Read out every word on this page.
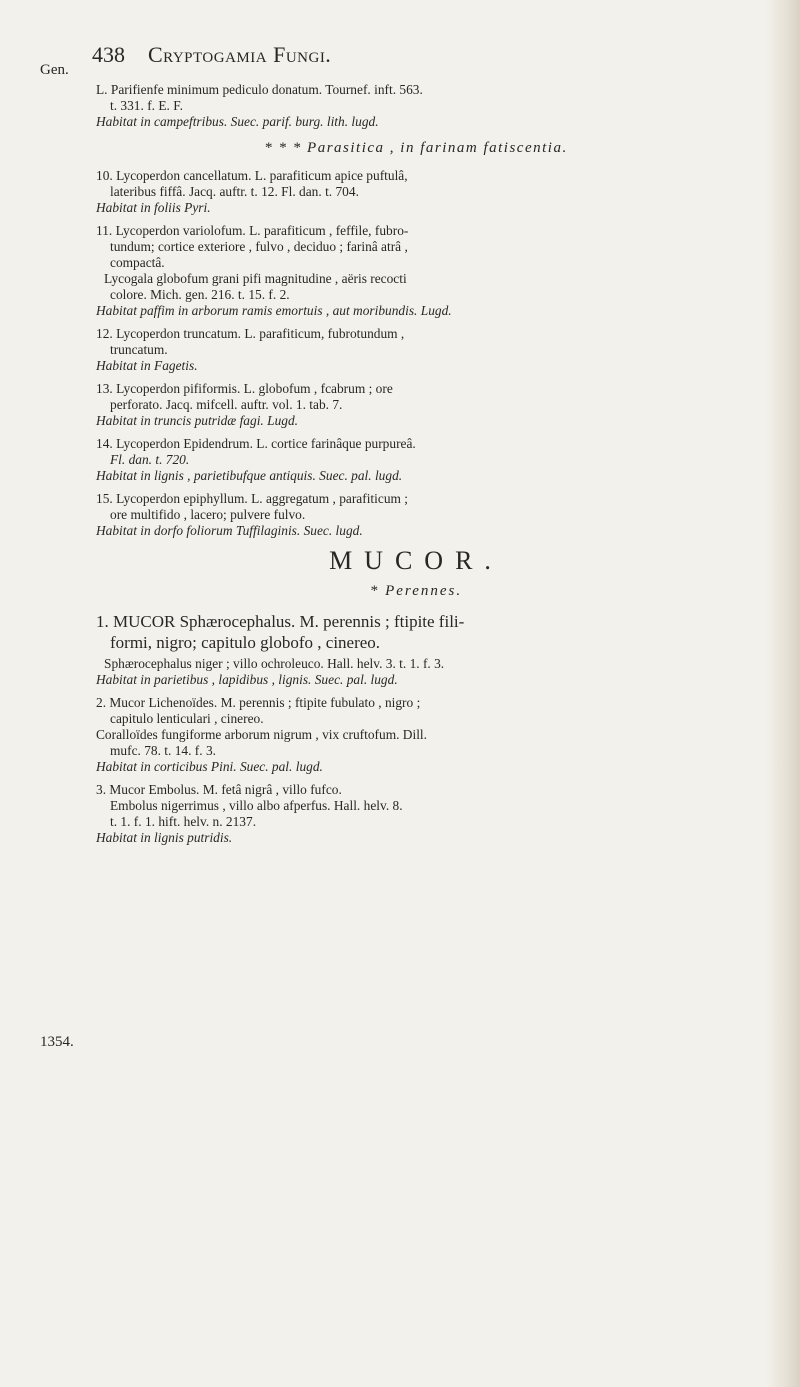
438 Cryptogamia Fungi.
Gen.
1354.

L. Parifienfe minimum pediculo donatum. Tournef. inft. 563.

t. 331. f. E. F.

Habitat in campeftribus. Suec. parif. burg. lith. lugd.

* * * Parasitica , in farinam fatiscentia.

10. Lycoperdon cancellatum. L. parafiticum apice puftulâ,

lateribus fiffâ. Jacq. auftr. t. 12. Fl. dan. t. 704.

Habitat in foliis Pyri.

11. Lycoperdon variolofum. L. parafiticum , feffile, fubro-

tundum; cortice exteriore , fulvo , deciduo ; farinâ atrâ ,

compactâ.

Lycogala globofum grani pifi magnitudine , aëris recocti

colore. Mich. gen. 216. t. 15. f. 2.

Habitat paffim in arborum ramis emortuis , aut moribundis. Lugd.

12. Lycoperdon truncatum. L. parafiticum, fubrotundum ,

truncatum.

Habitat in Fagetis.

13. Lycoperdon pififormis. L. globofum , fcabrum ; ore

perforato. Jacq. mifcell. auftr. vol. 1. tab. 7.

Habitat in truncis putridæ fagi. Lugd.

14. Lycoperdon Epidendrum. L. cortice farinâque purpureâ.

Fl. dan. t. 720.

Habitat in lignis , parietibufque antiquis. Suec. pal. lugd.

15. Lycoperdon epiphyllum. L. aggregatum , parafiticum ;

ore multifido , lacero; pulvere fulvo.

Habitat in dorfo foliorum Tuffilaginis. Suec. lugd.

MUCOR.

* Perennes.

1. MUCOR Sphærocephalus. M. perennis ; ftipite fili-

formi, nigro; capitulo globofo , cinereo.

Sphærocephalus niger ; villo ochroleuco. Hall. helv. 3. t. 1. f. 3.

Habitat in parietibus , lapidibus , lignis. Suec. pal. lugd.

2. Mucor Lichenoïdes. M. perennis ; ftipite fubulato , nigro ;

capitulo lenticulari , cinereo.

Coralloïdes fungiforme arborum nigrum , vix cruftofum. Dill.

mufc. 78. t. 14. f. 3.

Habitat in corticibus Pini. Suec. pal. lugd.

3. Mucor Embolus. M. fetâ nigrâ , villo fufco.

Embolus nigerrimus , villo albo afperfus. Hall. helv. 8.

t. 1. f. 1. hift. helv. n. 2137.

Habitat in lignis putridis.
